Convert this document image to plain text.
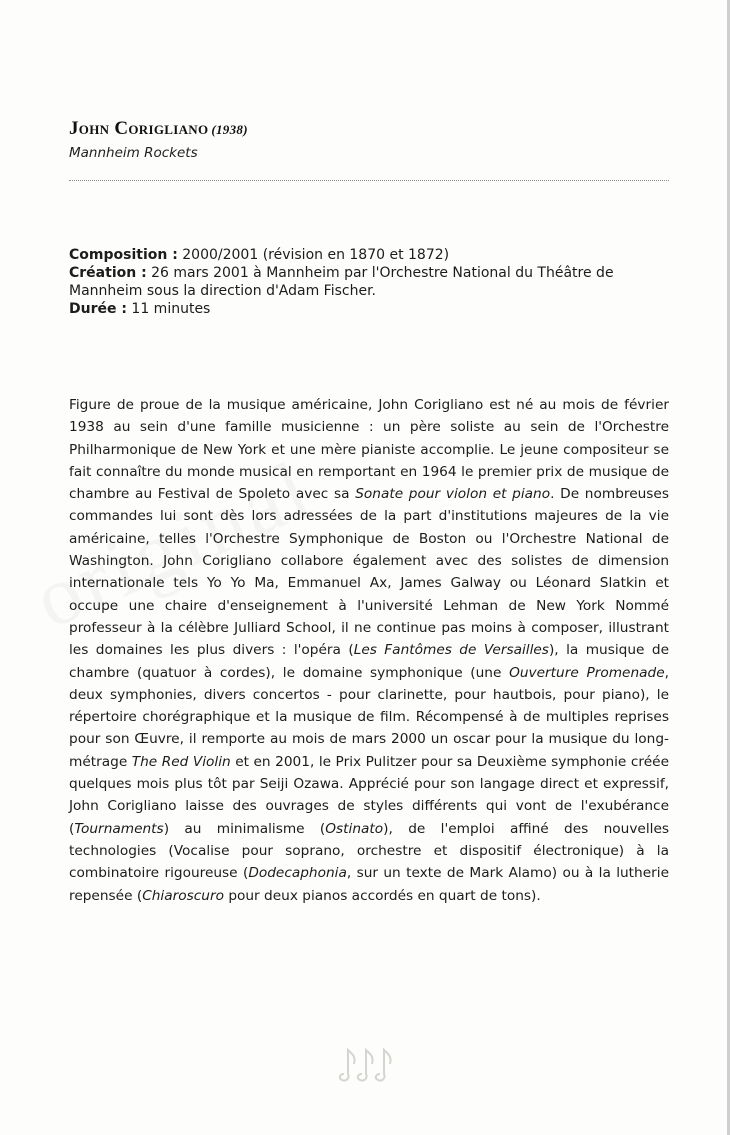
John Corigliano (1938)
Mannheim Rockets
Composition : 2000/2001 (révision en 1870 et 1872)
Création : 26 mars 2001 à Mannheim par l'Orchestre National du Théâtre de Mannheim sous la direction d'Adam Fischer.
Durée : 11 minutes

Figure de proue de la musique américaine, John Corigliano est né au mois de février 1938 au sein d'une famille musicienne : un père soliste au sein de l'Orchestre Philharmonique de New York et une mère pianiste accomplie. Le jeune compositeur se fait connaître du monde musical en remportant en 1964 le premier prix de musique de chambre au Festival de Spoleto avec sa Sonate pour violon et piano. De nombreuses commandes lui sont dès lors adressées de la part d'institutions majeures de la vie américaine, telles l'Orchestre Symphonique de Boston ou l'Orchestre National de Washington. John Corigliano collabore également avec des solistes de dimension internationale tels Yo Yo Ma, Emmanuel Ax, James Galway ou Léonard Slatkin et occupe une chaire d'enseignement à l'université Lehman de New York Nommé professeur à la célèbre Julliard School, il ne continue pas moins à composer, illustrant les domaines les plus divers : l'opéra (Les Fantômes de Versailles), la musique de chambre (quatuor à cordes), le domaine symphonique (une Ouverture Promenade, deux symphonies, divers concertos - pour clarinette, pour hautbois, pour piano), le répertoire chorégraphique et la musique de film. Récompensé à de multiples reprises pour son Œuvre, il remporte au mois de mars 2000 un oscar pour la musique du long-métrage The Red Violin et en 2001, le Prix Pulitzer pour sa Deuxième symphonie créée quelques mois plus tôt par Seiji Ozawa. Apprécié pour son langage direct et expressif, John Corigliano laisse des ouvrages de styles différents qui vont de l'exubérance (Tournaments) au minimalisme (Ostinato), de l'emploi affiné des nouvelles technologies (Vocalise pour soprano, orchestre et dispositif électronique) à la combinatoire rigoureuse (Dodecaphonia, sur un texte de Mark Alamo) ou à la lutherie repensée (Chiaroscuro pour deux pianos accordés en quart de tons).
